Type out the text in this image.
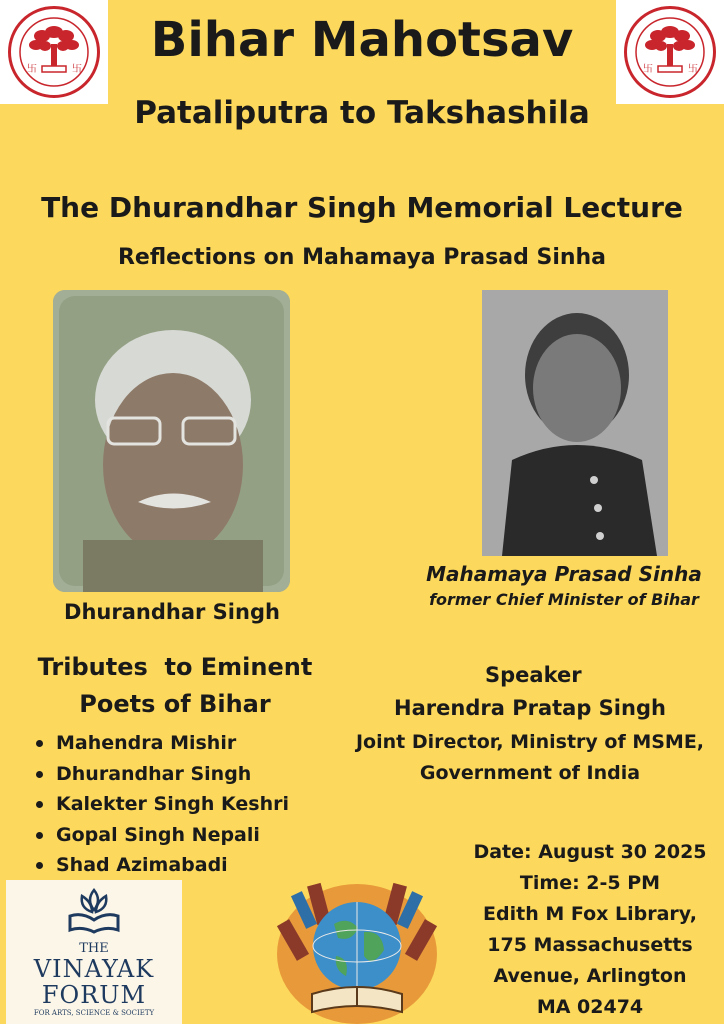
卐	卐	卐	卐
Bihar Mahotsav
Pataliputra to Takshashila
The Dhurandhar Singh Memorial Lecture
Reflections on Mahamaya Prasad Sinha
Dhurandhar Singh
Mahamaya Prasad Sinha
former Chief Minister of Bihar
Tributes  to Eminent
Poets of Bihar
Mahendra Mishir
Dhurandhar Singh
Kalekter Singh Keshri
Gopal Singh Nepali
Shad Azimabadi
Speaker
Harendra Pratap Singh
Joint Director, Ministry of MSME,
Government of India
Date: August 30 2025
Time: 2-5 PM
Edith M Fox Library,
175 Massachusetts
Avenue, Arlington
MA 02474
THE
VINAYAK
FORUM
FOR ARTS, SCIENCE & SOCIETY
